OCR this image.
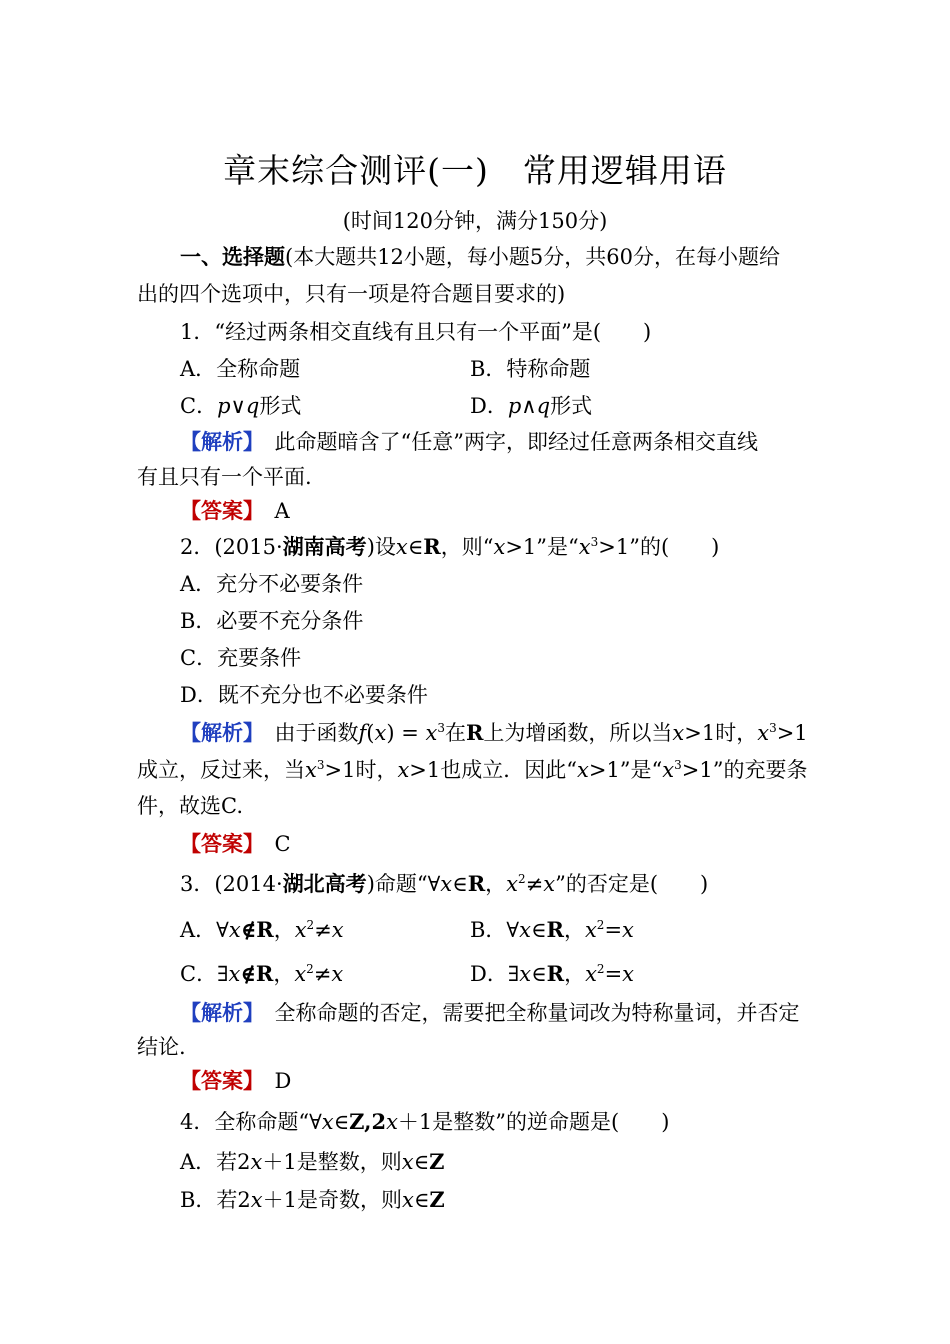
章末综合测评(一)　常用逻辑用语
(时间120分钟，满分150分)
一、选择题(本大题共12小题，每小题5分，共60分，在每小题给
出的四个选项中，只有一项是符合题目要求的)
1．“经过两条相交直线有且只有一个平面”是(　　)
A．全称命题	B．特称命题
C．p∨q形式	D．p∧q形式
【解析】　此命题暗含了“任意”两字，即经过任意两条相交直线
有且只有一个平面.
【答案】　 A
2．(2015·湖南高考)设x∈R，则“x>1”是“$x^3>1$”的(　　)
A．充分不必要条件
B．必要不充分条件
C．充要条件
D．既不充分也不必要条件
【解析】　由于函数$f(x) = x^3$在R上为增函数，所以当x>1时，$x^3>1$
成立，反过来，当$x^3>1$时，x>1也成立．因此“x>1”是“$x^3>1$”的充要条
件，故选C.
【答案】　 C
3．(2014·湖北高考)命题“∀x∈R，$x^2\ne x$”的否定是(　　)
A．∀x∉R，$x^2\ne x$	B．∀x∈R，$x^2=x$
C．∃x∉R，$x^2\ne x$	D．∃x∈R，$x^2=x$
【解析】　全称命题的否定，需要把全称量词改为特称量词，并否定
结论.
【答案】　 D
4．全称命题“∀x∈Z,2x＋1是整数”的逆命题是(　　)
A．若2x＋1是整数，则x∈Z
B．若2x＋1是奇数，则x∈Z
